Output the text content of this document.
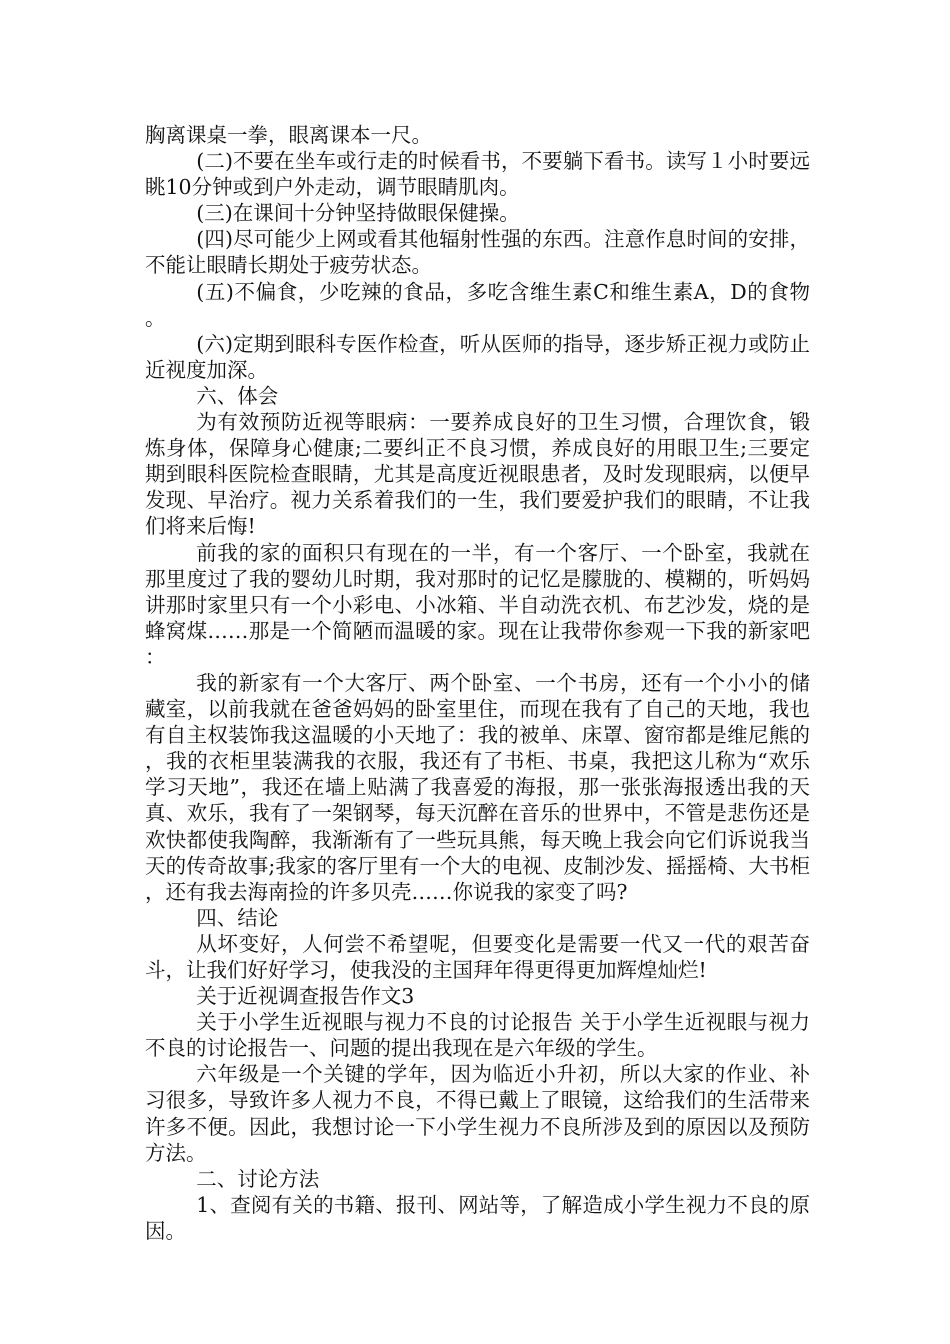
胸离课桌一拳，眼离课本一尺。

(二)不要在坐车或行走的时候看书，不要躺下看书。读写１小时要远眺10分钟或到户外走动，调节眼睛肌肉。

(三)在课间十分钟坚持做眼保健操。

(四)尽可能少上网或看其他辐射性强的东西。注意作息时间的安排，不能让眼睛长期处于疲劳状态。

(五)不偏食，少吃辣的食品，多吃含维生素C和维生素A，D的食物。

(六)定期到眼科专医作检查，听从医师的指导，逐步矫正视力或防止近视度加深。

六、体会

为有效预防近视等眼病：一要养成良好的卫生习惯，合理饮食，锻炼身体，保障身心健康;二要纠正不良习惯，养成良好的用眼卫生;三要定期到眼科医院检查眼睛，尤其是高度近视眼患者，及时发现眼病，以便早发现、早治疗。视力关系着我们的一生，我们要爱护我们的眼睛，不让我们将来后悔!

前我的家的面积只有现在的一半，有一个客厅、一个卧室，我就在那里度过了我的婴幼儿时期，我对那时的记忆是朦胧的、模糊的，听妈妈讲那时家里只有一个小彩电、小冰箱、半自动洗衣机、布艺沙发，烧的是蜂窝煤……那是一个简陋而温暖的家。现在让我带你参观一下我的新家吧：

我的新家有一个大客厅、两个卧室、一个书房，还有一个小小的储藏室，以前我就在爸爸妈妈的卧室里住，而现在我有了自己的天地，我也有自主权装饰我这温暖的小天地了：我的被单、床罩、窗帘都是维尼熊的，我的衣柜里装满我的衣服，我还有了书柜、书桌，我把这儿称为“欢乐学习天地”，我还在墙上贴满了我喜爱的海报，那一张张海报透出我的天真、欢乐，我有了一架钢琴，每天沉醉在音乐的世界中，不管是悲伤还是欢快都使我陶醉，我渐渐有了一些玩具熊，每天晚上我会向它们诉说我当天的传奇故事;我家的客厅里有一个大的电视、皮制沙发、摇摇椅、大书柜，还有我去海南捡的许多贝壳……你说我的家变了吗?

四、结论

从坏变好，人何尝不希望呢，但要变化是需要一代又一代的艰苦奋斗，让我们好好学习，使我没的主国拜年得更得更加辉煌灿烂!

关于近视调查报告作文3

关于小学生近视眼与视力不良的讨论报告 关于小学生近视眼与视力不良的讨论报告一、问题的提出我现在是六年级的学生。

六年级是一个关键的学年，因为临近小升初，所以大家的作业、补习很多，导致许多人视力不良，不得已戴上了眼镜，这给我们的生活带来许多不便。因此，我想讨论一下小学生视力不良所涉及到的原因以及预防方法。

二、讨论方法

1、查阅有关的书籍、报刊、网站等，了解造成小学生视力不良的原因。
